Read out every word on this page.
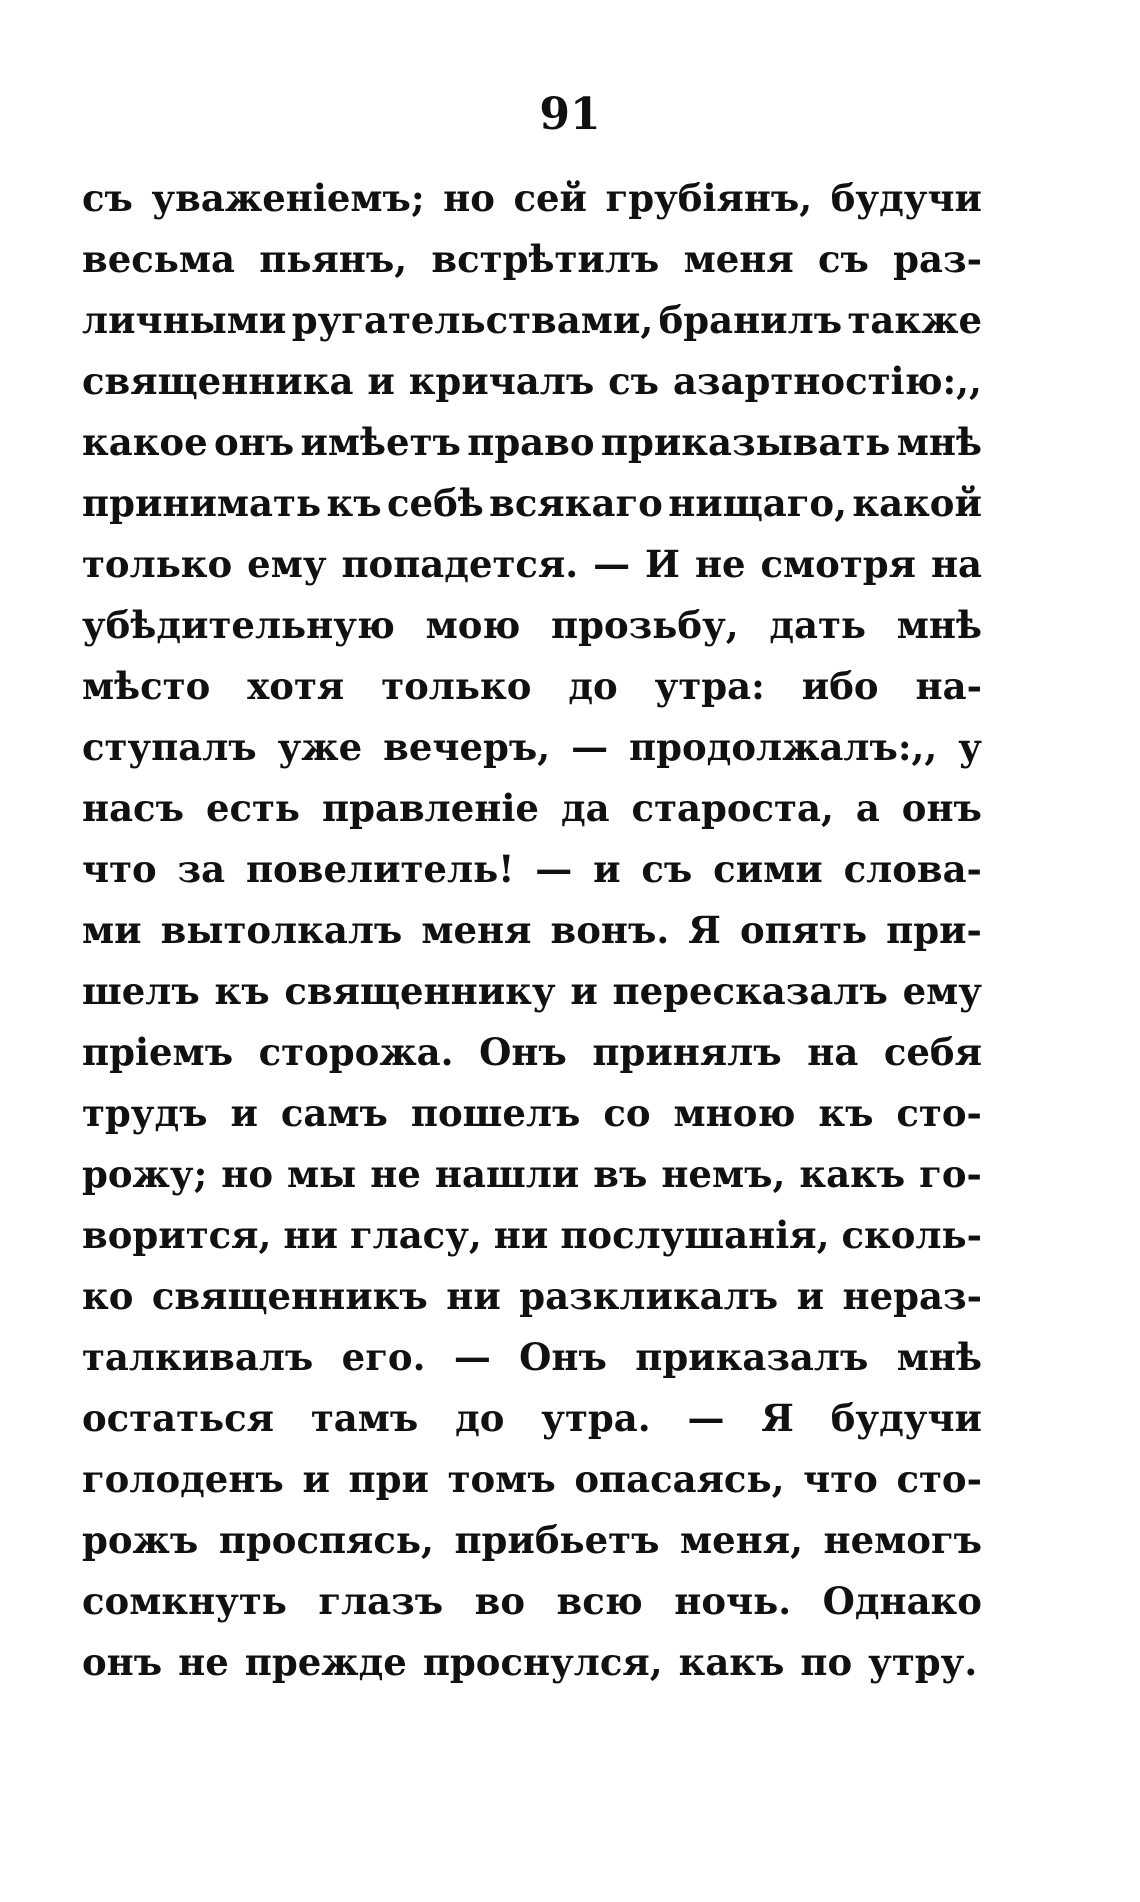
91
съ уваженіемъ; но сей грубіянъ, будучи
весьма пьянъ, встрѣтилъ меня съ раз-
личными ругательствами, бранилъ также
священника и кричалъ съ азартностію:,,
какое онъ имѣетъ право приказывать мнѣ
принимать къ себѣ всякаго нищаго, какой
только ему попадется. — И не смотря на
убѣдительную мою прозьбу, дать мнѣ
мѣсто хотя только до утра: ибо на-
ступалъ уже вечеръ, — продолжалъ:,, у
насъ есть правленіе да староста, а онъ
что за повелитель! — и съ сими слова-
ми вытолкалъ меня вонъ. Я опять при-
шелъ къ священнику и пересказалъ ему
пріемъ сторожа. Онъ принялъ на себя
трудъ и самъ пошелъ со мною къ сто-
рожу; но мы не нашли въ немъ, какъ го-
ворится, ни гласу, ни послушанія, сколь-
ко священникъ ни разкликалъ и нераз-
талкивалъ его. — Онъ приказалъ мнѣ
остаться тамъ до утра. — Я будучи
голоденъ и при томъ опасаясь, что сто-
рожъ проспясь, прибьетъ меня, немогъ
сомкнуть глазъ во всю ночь. Однако
онъ не прежде проснулся, какъ по утру.
